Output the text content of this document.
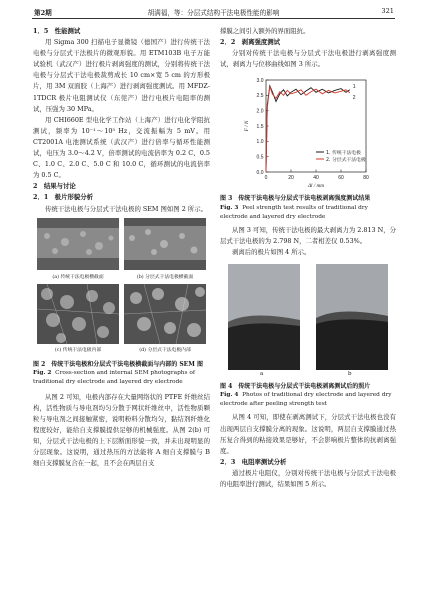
第2期	胡满福，等：分层式结构干法电极性能的影响	321

1．5　性能测试

用 Sigma 300 扫描电子显微镜（德国产）进行传统干法电极与分层式干法极片的微观形貌。用 ETM103B 电子万能试验机（武汉产）进行极片剥离强度的测试，分别将传统干法电极与分层式干法电极裁剪成长 10 cm×宽 5 cm 的方形极片，用 3M 双面胶（上海产）进行剥离强度测试。用 MFDZ-1TDCR 极片电阻测试仪（东莞产）进行电极片电阻率的测试，压强为 30 MPa。

用 CHI660E 型电化学工作站（上海产）进行电化学阻抗测试，频率为 10⁻¹～10⁵ Hz，交流振幅为 5 mV。用 CT2001A 电池测试系统（武汉产）进行倍率与循环性能测试，电压为 3.0～4.2 V，倍率测试的电流倍率为 0.2 C、0.5 C、1.0 C、2.0 C、5.0 C 和 10.0 C，循环测试的电流倍率为 0.5 C。

2　结果与讨论

2．1　极片形貌分析

传统干法电极与分层式干法电极的 SEM 图如图 2 所示。

(a) 传统干法电极横截面	(b) 分层式干法电极横截面
(c) 传统干法电极内部	(d) 分层式干法电极内部
图 2　传统干法电极和分层式干法电极横截面与内部的 SEM 图
Fig. 2 Cross-section and internal SEM photographs of traditional dry electrode and layered dry electrode

从图 2 可知，电极内部存在大量网络状的 PTFE 纤维丝结构，活性物质与导电剂均匀分散于网状纤维丝中，活性物质颗粒与导电剂之间接触紧密，说明粉料分散均匀，黏结剂纤维化程度较好，能给自支撑膜提供足够的机械强度。从图 2(b) 可知，分层式干法电极的上下层断面形貌一致，并未出现明显的分层现象。这说明，通过热压的方法能将 A 细自支撑膜与 B 细自支撑膜复合在一起，且不会在两层自支

撑膜之间引入额外的界面阻抗。

2．2　剥离强度测试

分别对传统干法电极与分层式干法电极进行剥离强度测试，剥离力与位移曲线如图 3 所示。

0	20	40	60	80
0.0
0.5
1.0
1.5
2.0
2.5
3.0
Δl / mm
F / N
1
1. 传统干法电极
2
2. 分层式干法电极
图 3　传统干法电极与分层式干法电极剥离强度测试结果
Fig. 3 Peel strength test results of traditional dry electrode and layered dry electrode

从图 3 可知，传统干法电极的最大剥离力为 2.813 N，分层式干法电极的为 2.798 N，二者相差仅 0.53%。

剥离后的极片如图 4 所示。

a	b
图 4　传统干法电极与分层式干法电极剥离测试后的照片
Fig. 4 Photos of traditional dry electrode and layered dry electrode after peeling strength test

从图 4 可知，即使在剥离测试下，分层式干法电极也没有出现两层自支撑膜分离的现象。这说明，两层自支撑膜通过热压复合得到的粘接效果是够好，不会影响极片整体的抗剥离强度。

2．3　电阻率测试分析

通过极片电阻仪，分别对传统干法电极与分层式干法电极的电阻率进行测试，结果如图 5 所示。
